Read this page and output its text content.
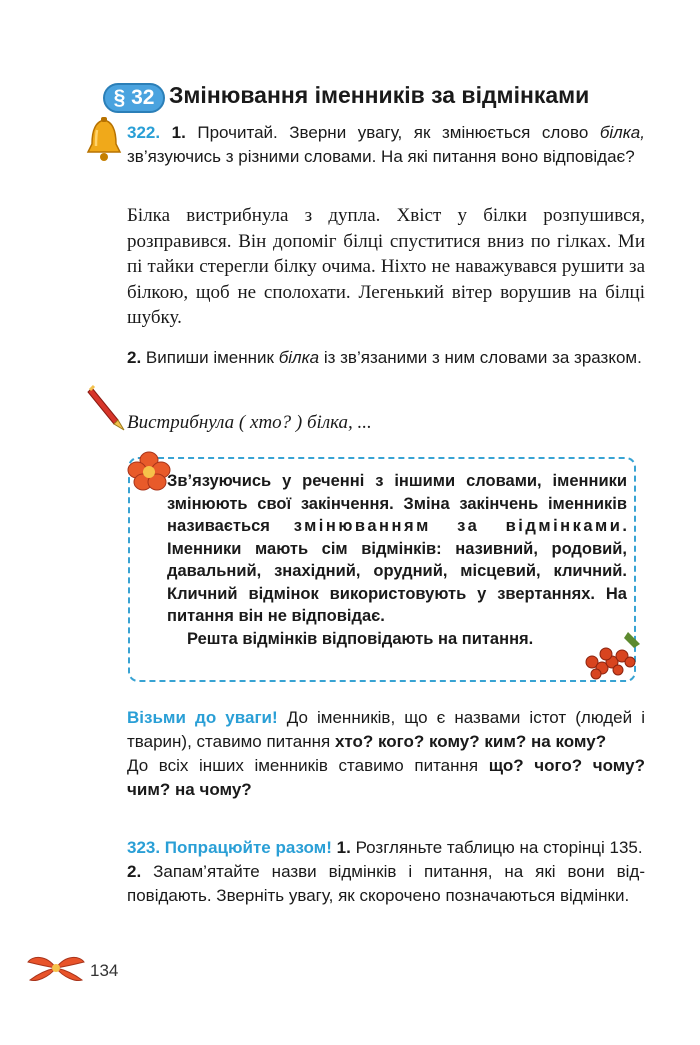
§ 32 Змінювання іменників за відмінками
322. 1. Прочитай. Зверни увагу, як змінюється слово білка, зв’язуючись з різними словами. На які питання воно відповідає?
Білка вистрибнула з дупла. Хвіст у білки розпушився, розправився. Він допоміг білці спуститися вниз по гілках. Ми пі тайки стерегли білку очима. Ніхто не наважувався рушити за білкою, щоб не сполохати. Легенький вітер ворушив на білці шубку.
2. Випиши іменник білка із зв’язаними з ним словами за зразком.
Вистрибнула ( хто? ) білка, ...
Зв’язуючись у реченні з іншими словами, іменники змінюють свої закінчення. Зміна закінчень іменників називається змінюванням за відмінками. Іменники мають сім відмінків: називний, родовий, давальний, знахідний, орудний, місцевий, кличний. Кличний відмінок використовують у звертаннях. На питання він не відповідає.
Решта відмінків відповідають на питання.
Візьми до уваги! До іменників, що є назвами істот (людей і тварин), ставимо питання хто? кого? кому? ким? на кому?
До всіх інших іменників ставимо питання що? чого? чому? чим? на чому?
323. Попрацюйте разом! 1. Розгляньте таблицю на сторінці 135.
2. Запам’ятайте назви відмінків і питання, на які вони відповідають. Зверніть увагу, як скорочено позначаються відмінки.
134
